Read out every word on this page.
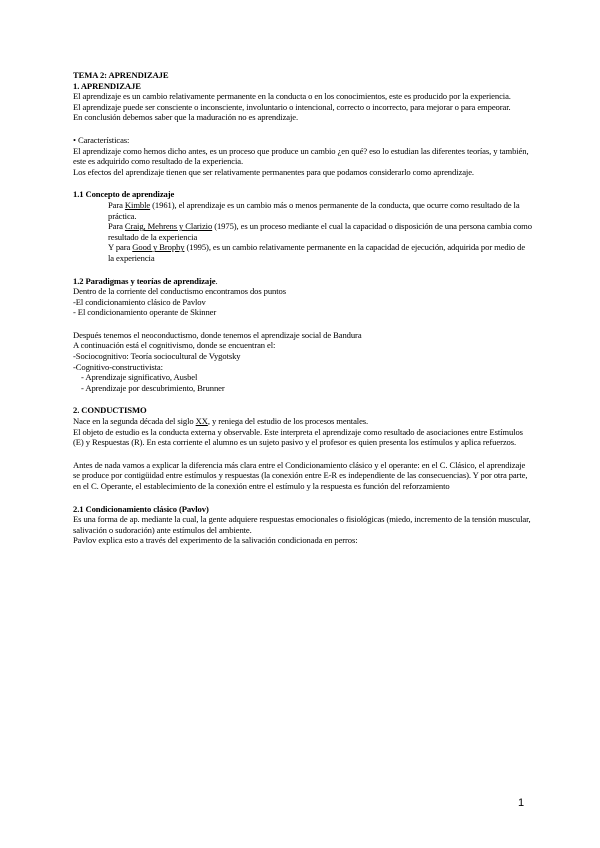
TEMA 2: APRENDIZAJE

1. APRENDIZAJE

El aprendizaje es un cambio relativamente permanente en la conducta o en los conocimientos, este es producido por la experiencia.

El aprendizaje puede ser consciente o inconsciente, involuntario o intencional, correcto o incorrecto, para mejorar o para empeorar.

En conclusión debemos saber que la maduración no es aprendizaje.

• Características:

El aprendizaje como hemos dicho antes, es un proceso que produce un cambio ¿en qué? eso lo estudian las diferentes teorías, y también, este es adquirido como resultado de la experiencia.

Los efectos del aprendizaje tienen que ser relativamente permanentes para que podamos considerarlo como aprendizaje.

1.1 Concepto de aprendizaje

Para Kimble (1961), el aprendizaje es un cambio más o menos permanente de la conducta, que ocurre como resultado de la práctica.

Para Craig, Mehrens y Clarizio (1975), es un proceso mediante el cual la capacidad o disposición de una persona cambia como resultado de la experiencia

Y para Good y Brophy (1995), es un cambio relativamente permanente en la capacidad de ejecución, adquirida por medio de la experiencia

1.2 Paradigmas y teorías de aprendizaje.

Dentro de la corriente del conductismo encontramos dos puntos

-El condicionamiento clásico de Pavlov

- El condicionamiento operante de Skinner

Después tenemos el neoconductismo, donde tenemos el aprendizaje social de Bandura

A continuación está el cognitivismo, donde se encuentran el:

-Sociocognitivo: Teoría sociocultural de Vygotsky

-Cognitivo-constructivista:

- Aprendizaje significativo, Ausbel

- Aprendizaje por descubrimiento, Brunner

2. CONDUCTISMO

Nace en la segunda década del siglo XX, y reniega del estudio de los procesos mentales.

El objeto de estudio es la conducta externa y observable. Este interpreta el aprendizaje como resultado de asociaciones entre Estímulos (E) y Respuestas (R). En esta corriente el alumno es un sujeto pasivo y el profesor es quien presenta los estímulos y aplica refuerzos.

Antes de nada vamos a explicar la diferencia más clara entre el Condicionamiento clásico y el operante: en el C. Clásico, el aprendizaje se produce por contigüidad entre estímulos y respuestas (la conexión entre E-R es independiente de las consecuencias). Y por otra parte, en el C. Operante, el establecimiento de la conexión entre el estímulo y la respuesta es función del reforzamiento

2.1 Condicionamiento clásico (Pavlov)

Es una forma de ap. mediante la cual, la gente adquiere respuestas emocionales o fisiológicas (miedo, incremento de la tensión muscular, salivación o sudoración) ante estímulos del ambiente.

Pavlov explica esto a través del experimento de la salivación condicionada en perros:

1
